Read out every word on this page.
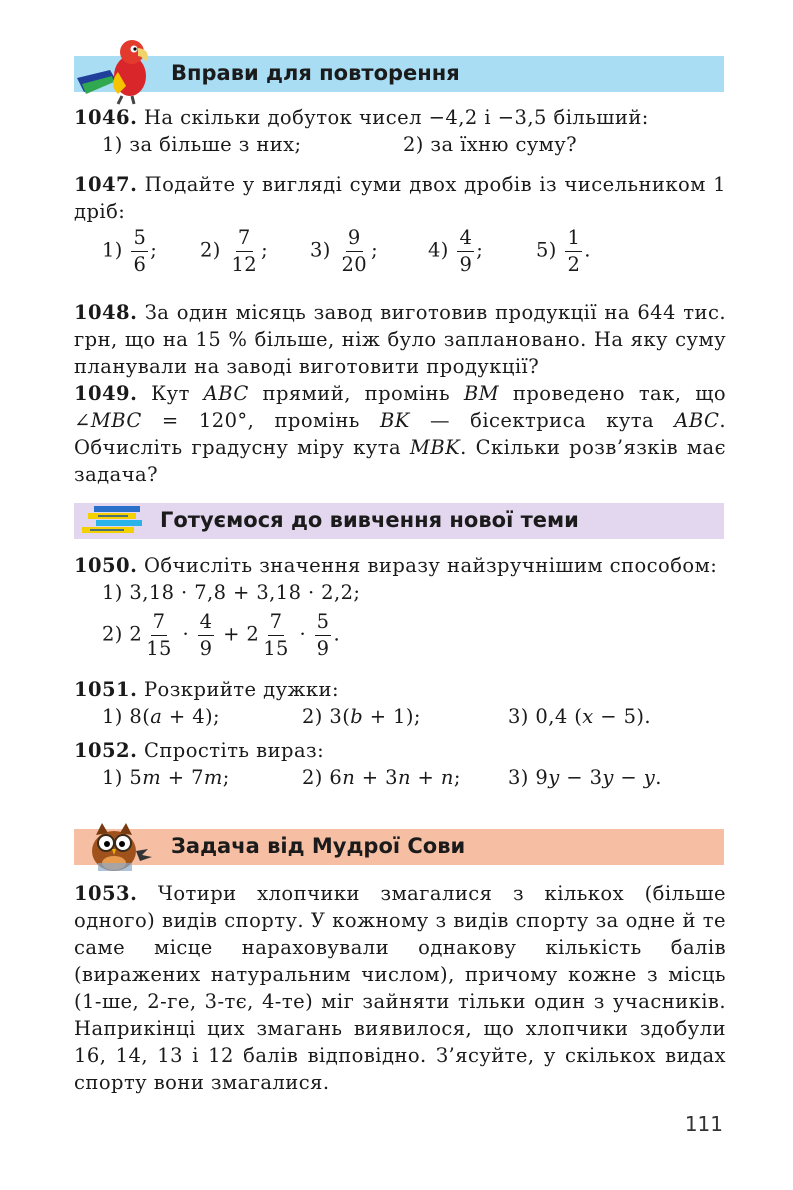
Вправи для повторення
1046. На скільки добуток чисел −4,2 і −3,5 більший:
1) за більше з них;	2) за їхню суму?
1047. Подайте у вигляді суми двох дробів із чисельником 1 дріб:
$1) \frac{5}{6}$ ; $2) \frac{7}{12}$ ; $3) \frac{9}{20}$ ;	$4) \frac{4}{9}$ ;	$5) \frac{1}{2}$ .
1048. За один місяць завод виготовив продукції на 644 тис. грн, що на 15 % більше, ніж було заплановано. На яку суму планували на заводі виготовити продукції?
1049. Кут ABC прямий, промінь BM проведено так, що ∠MBC = 120°, промінь BK — бісектриса кута ABC. Обчисліть градусну міру кута MBK. Скільки розв’язків має задача?
Готуємося до вивчення нової теми
1050. Обчисліть значення виразу найзручнішим способом:
1) 3,18 · 7,8 + 3,18 · 2,2;
2) $2 \frac{7}{15} \cdot \frac{4}{9} + 2 \frac{7}{15} \cdot \frac{5}{9}$ .
1051. Розкрийте дужки:
1) 8(a + 4);	2) 3(b + 1);	3) 0,4 (x − 5).
1052. Спростіть вираз:
1) 5m + 7m;	2) 6n + 3n + n; 3) 9y − 3y − y.
Задача від Мудрої Сови
1053. Чотири хлопчики змагалися з кількох (більше одного) видів спорту. У кожному з видів спорту за одне й те саме місце нараховували однакову кількість балів (виражених натуральним числом), причому кожне з місць (1-ше, 2-ге, 3-тє, 4-те) міг зайняти тільки один з учасників. Наприкінці цих змагань виявилося, що хлопчики здобули 16, 14, 13 і 12 балів відповідно. З’ясуйте, у скількох видах спорту вони змагалися.
111
